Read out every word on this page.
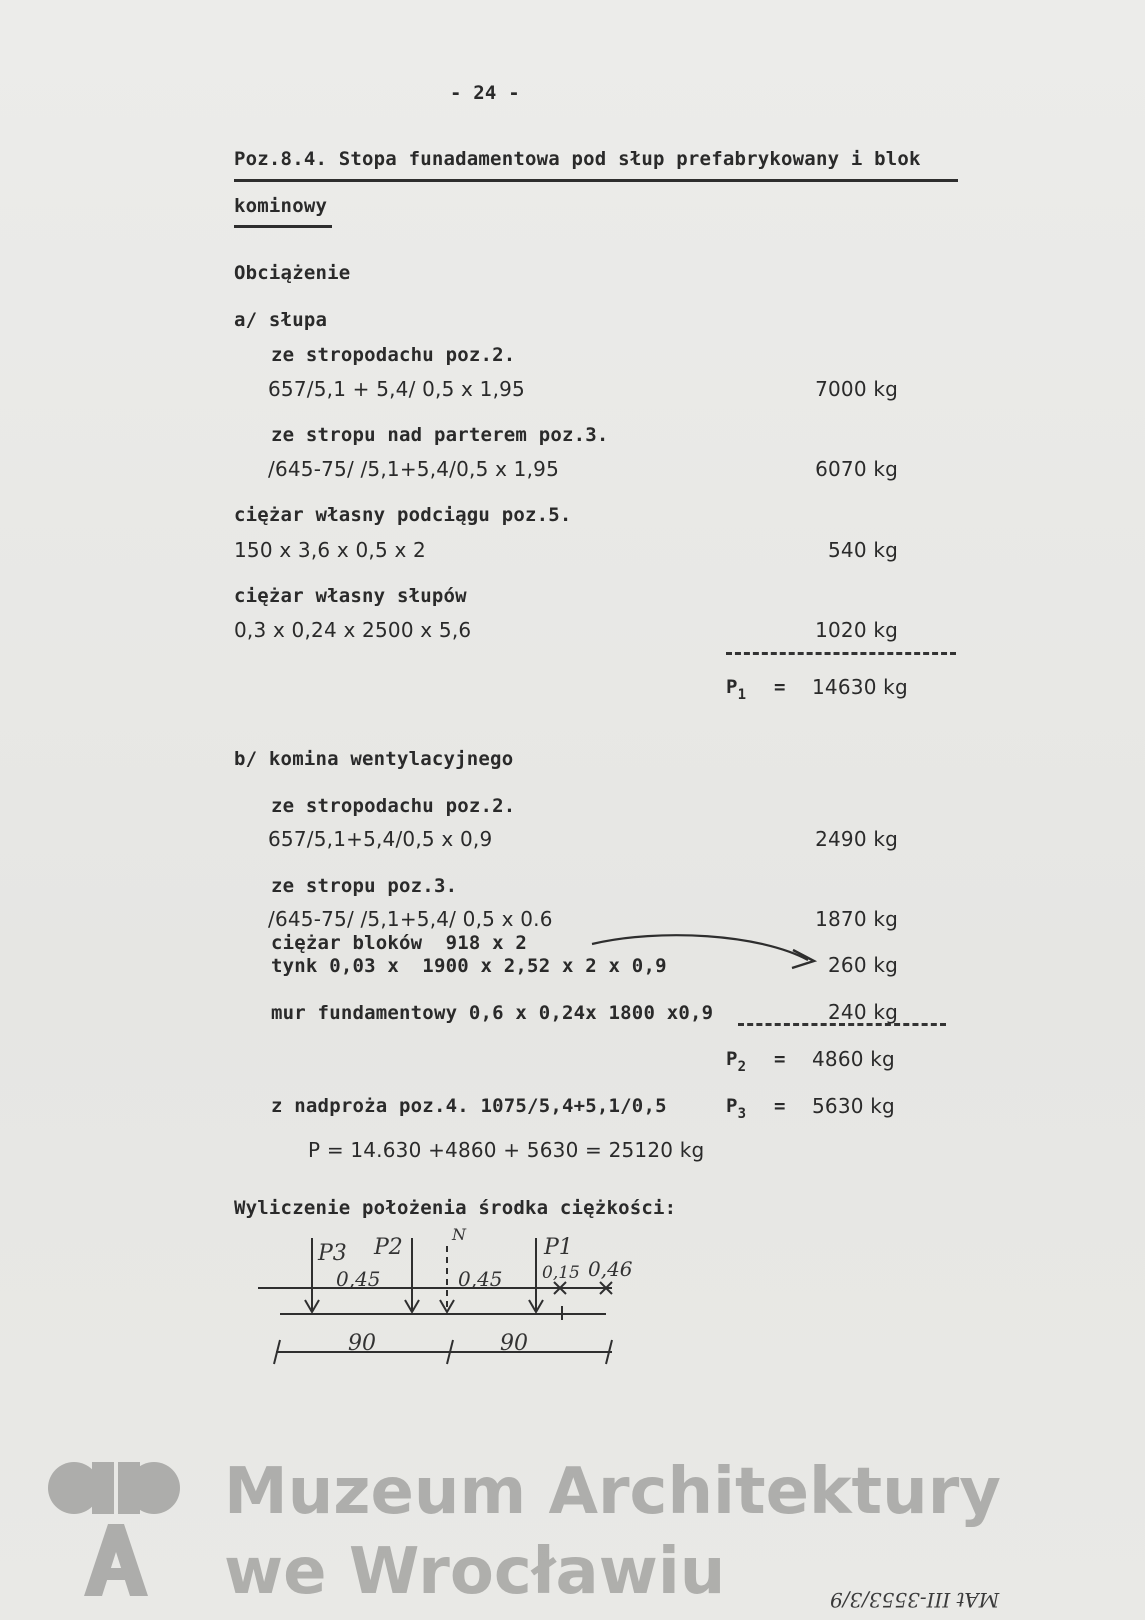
- 24 -
Poz.8.4. Stopa funadamentowa pod słup prefabrykowany i blok
kominowy
Obciążenie
a/ słupa
ze stropodachu poz.2.
657/5,1 + 5,4/ 0,5 x 1,95	7000 kg
ze stropu nad parterem poz.3.
/645-75/ /5,1+5,4/0,5 x 1,95	6070 kg
ciężar własny podciągu poz.5.
150 x 3,6 x 0,5 x 2	540 kg
ciężar własny słupów
0,3 x 0,24 x 2500 x 5,6	1020 kg
$P_1 = 14630$ kg
b/ komina wentylacyjnego
ze stropodachu poz.2.
657/5,1+5,4/0,5 x 0,9	2490 kg
ze stropu poz.3.
/645-75/ /5,1+5,4/ 0,5 x 0.6	1870 kg
ciężar bloków  918 x 2
tynk 0,03 x  1900 x 2,52 x 2 x 0,9	260 kg
mur fundamentowy 0,6 x 0,24x 1800 x0,9	240 kg
$P_2 = 4860$ kg
z nadproża poz.4. 1075/5,4+5,1/0,5	$P_3 = 5630$ kg
P = 14.630 +4860 + 5630 = 25120 kg
Wyliczenie położenia środka ciężkości:
P3 P2
N
P1
0,45	0,45 0,15 0,46
90	90
Muzeum Architektury
we Wrocławiu	MAt III-3553/3/9
